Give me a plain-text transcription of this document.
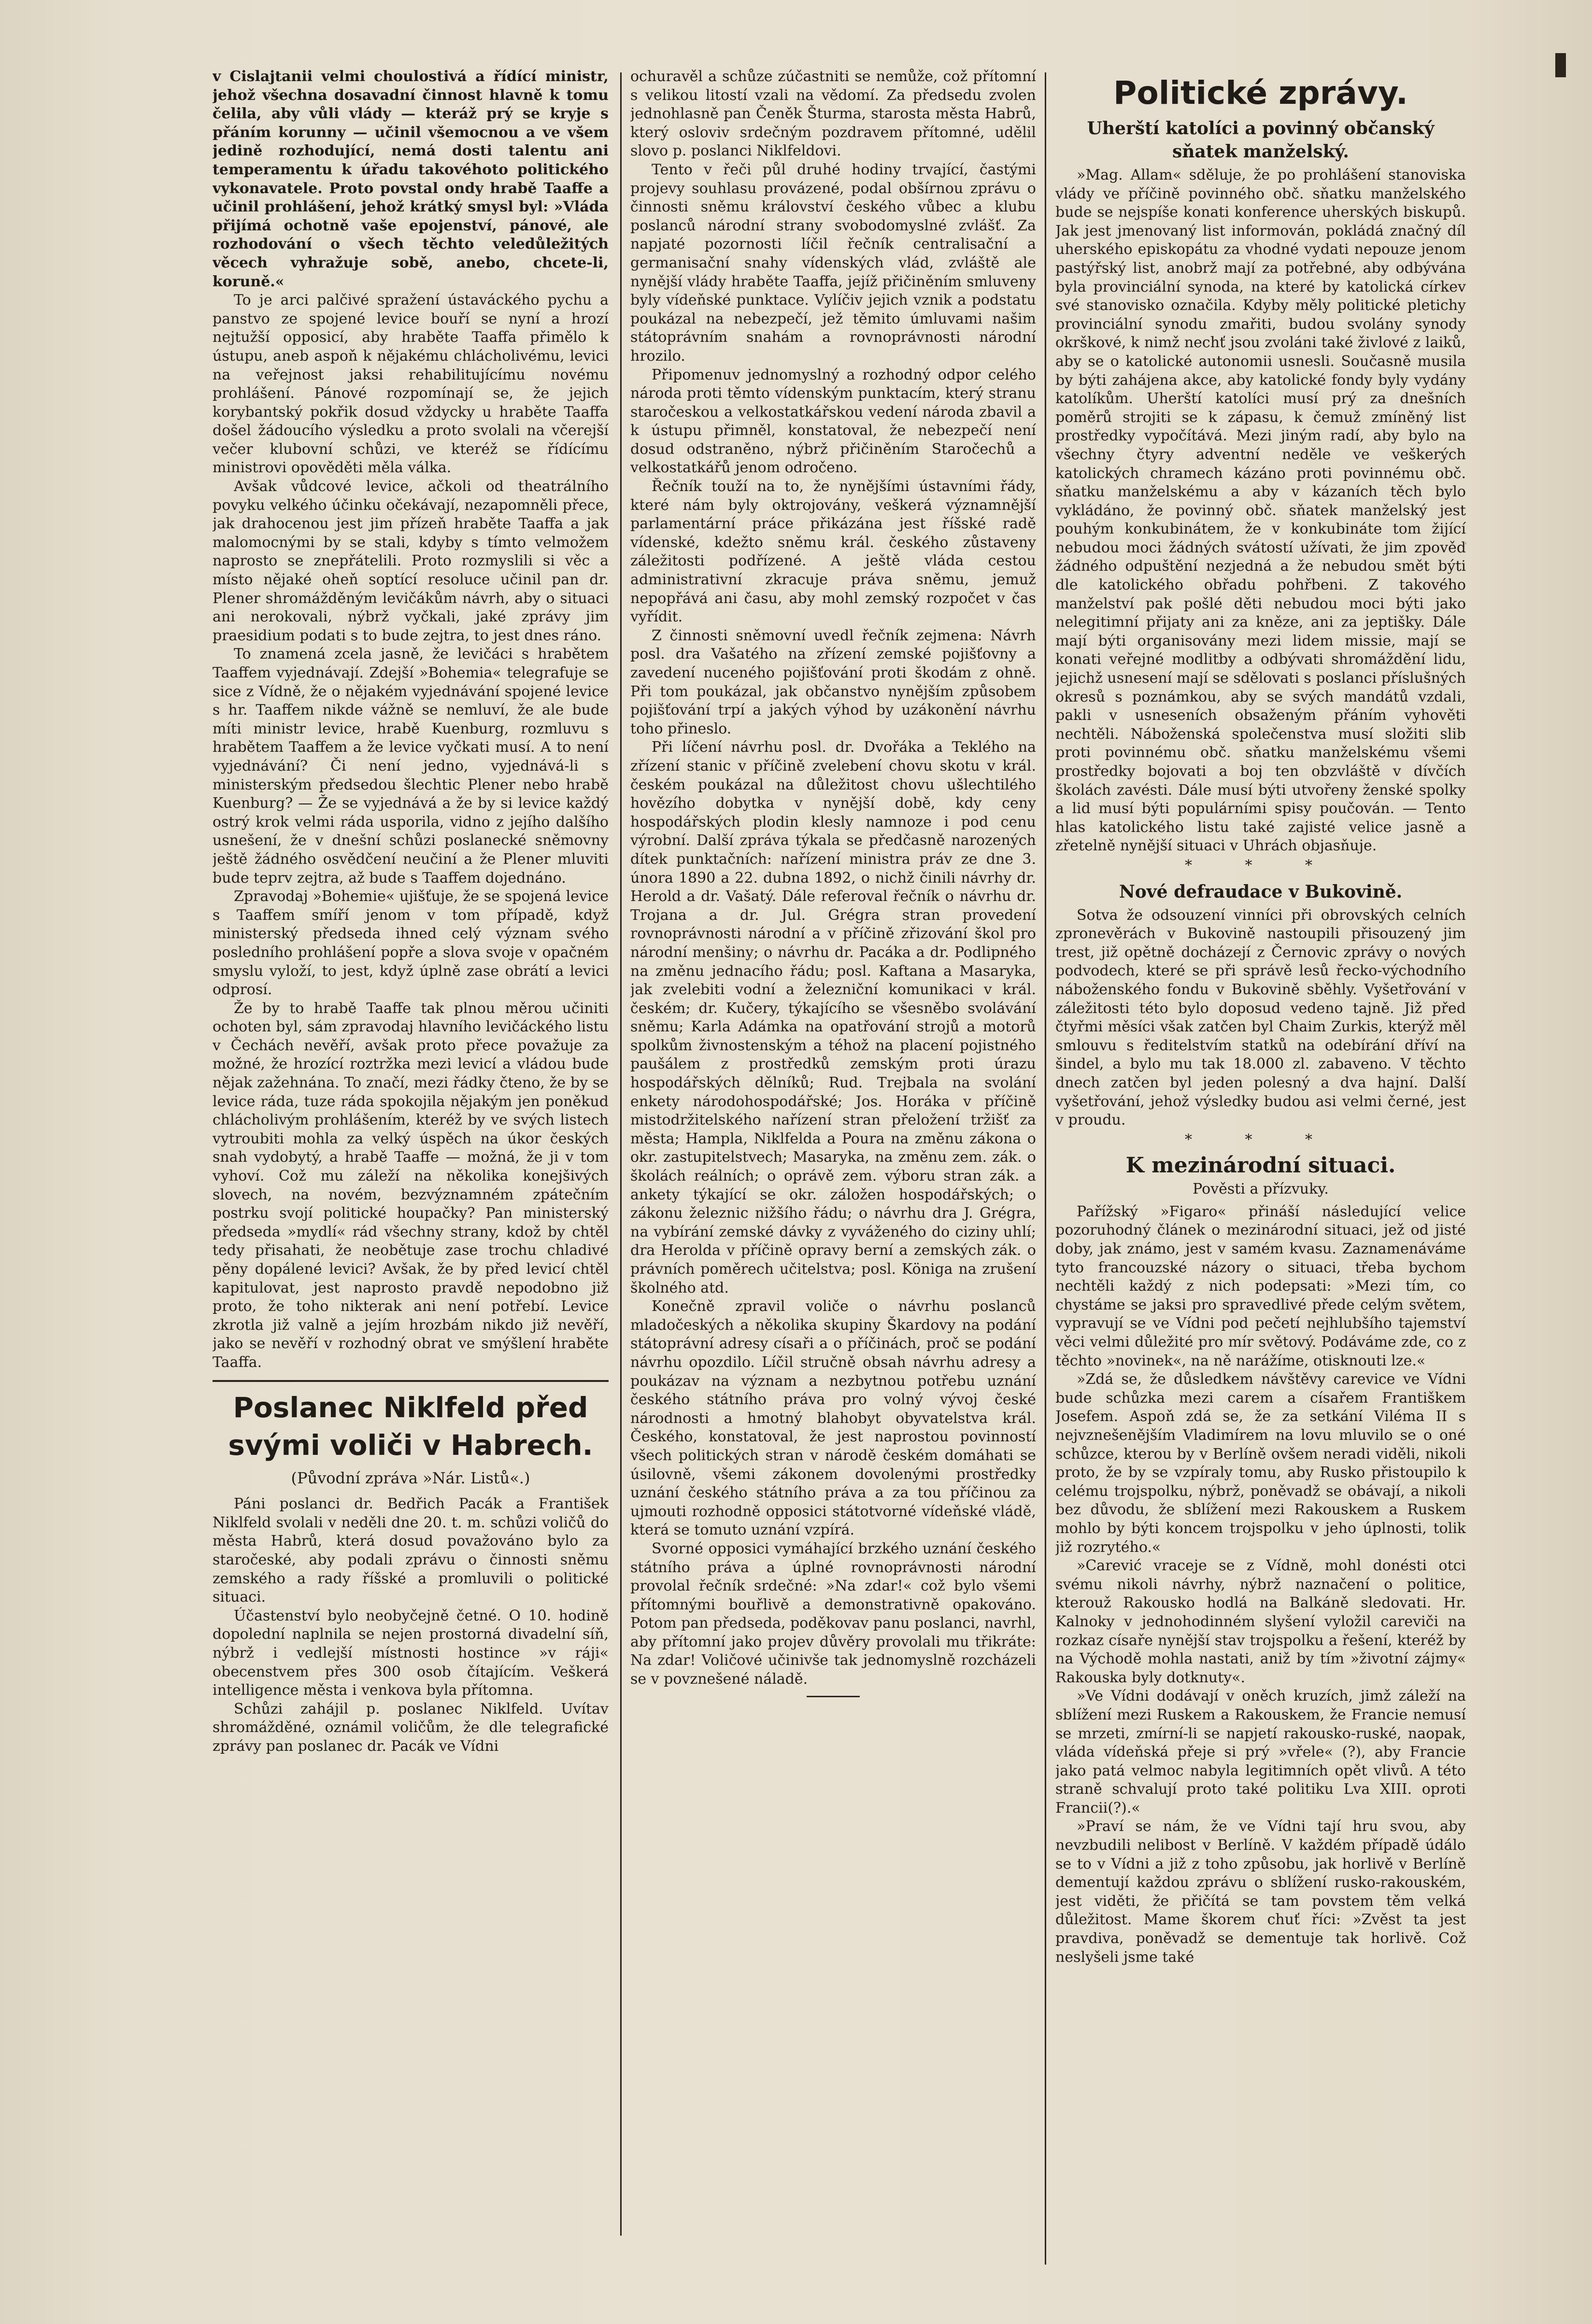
v Cislajtanii velmi choulostivá a řídící ministr, jehož všechna dosavadní činnost hlavně k tomu čelila, aby vůli vlády — kteráž prý se kryje s přáním korunny — učinil všemocnou a ve všem jedině rozhodující, nemá dosti talentu ani temperamentu k úřadu takovéhoto politického vykonavatele. Proto povstal ondy hrabě Taaffe a učinil prohlášení, jehož krátký smysl byl: »Vláda přijímá ochotně vaše epojenství, pánové, ale rozhodování o všech těchto veledůležitých věcech vyhražuje sobě, anebo, chcete-li, koruně.«

To je arci palčivé spražení ústaváckého pychu a panstvo ze spojené levice bouří se nyní a hrozí nejtužší opposicí, aby hraběte Taaffa přimělo k ústupu, aneb aspoň k nějakému chlácholivému, levici na veřejnost jaksi rehabilitujícímu novému prohlášení. Pánové rozpomínají se, že jejich korybantský pokřik dosud vždycky u hraběte Taaffa došel žádoucího výsledku a proto svolali na včerejší večer klubovní schůzi, ve kteréž se řídícímu ministrovi opověděti měla válka.

Avšak vůdcové levice, ačkoli od theatrálního povyku velkého účinku očekávají, nezapomněli přece, jak drahocenou jest jim přízeň hraběte Taaffa a jak malomocnými by se stali, kdyby s tímto velmožem naprosto se znepřátelili. Proto rozmyslili si věc a místo nějaké oheň soptící resoluce učinil pan dr. Plener shromážděným levičákům návrh, aby o situaci ani nerokovali, nýbrž vyčkali, jaké zprávy jim praesidium podati s to bude zejtra, to jest dnes ráno.

To znamená zcela jasně, že levičáci s hrabětem Taaffem vyjednávají. Zdejší »Bohemia« telegrafuje se sice z Vídně, že o nějakém vyjednávání spojené levice s hr. Taaffem nikde vážně se nemluví, že ale bude míti ministr levice, hrabě Kuenburg, rozmluvu s hrabětem Taaffem a že levice vyčkati musí. A to není vyjednávání? Či není jedno, vyjednává-li s ministerským předsedou šlechtic Plener nebo hrabě Kuenburg? — Že se vyjednává a že by si levice každý ostrý krok velmi ráda usporila, vidno z jejího dalšího usnešení, že v dnešní schůzi poslanecké sněmovny ještě žádného osvědčení neučiní a že Plener mluviti bude teprv zejtra, až bude s Taaffem dojednáno.

Zpravodaj »Bohemie« ujišťuje, že se spojená levice s Taaffem smíří jenom v tom případě, když ministerský předseda ihned celý význam svého posledního prohlášení popře a slova svoje v opačném smyslu vyloží, to jest, když úplně zase obrátí a levici odprosí.

Že by to hrabě Taaffe tak plnou měrou učiniti ochoten byl, sám zpravodaj hlavního levičáckého listu v Čechách nevěří, avšak proto přece považuje za možné, že hrozící roztržka mezi levicí a vládou bude nějak zažehnána. To značí, mezi řádky čteno, že by se levice ráda, tuze ráda spokojila nějakým jen poněkud chlácholivým prohlášením, kteréž by ve svých listech vytroubiti mohla za velký úspěch na úkor českých snah vydobytý, a hrabě Taaffe — možná, že ji v tom vyhoví. Což mu záleží na několika konejšivých slovech, na novém, bezvýznamném zpátečním postrku svojí politické houpačky? Pan ministerský předseda »mydlí« rád všechny strany, kdož by chtěl tedy přisahati, že neobětuje zase trochu chladivé pěny dopálené levici? Avšak, že by před levicí chtěl kapitulovat, jest naprosto pravdě nepodobno již proto, že toho nikterak ani není potřebí. Levice zkrotla již valně a jejím hrozbám nikdo již nevěří, jako se nevěří v rozhodný obrat ve smýšlení hraběte Taaffa.

Poslanec Niklfeld před svými voliči v Habrech.
(Původní zpráva »Nár. Listů«.)

Páni poslanci dr. Bedřich Pacák a František Niklfeld svolali v neděli dne 20. t. m. schůzi voličů do města Habrů, která dosud považováno bylo za staročeské, aby podali zprávu o činnosti sněmu zemského a rady říšské a promluvili o politické situaci.

Účastenství bylo neobyčejně četné. O 10. hodině dopolední naplnila se nejen prostorná divadelní síň, nýbrž i vedlejší místnosti hostince »v ráji« obecenstvem přes 300 osob čítajícím. Veškerá intelligence města i venkova byla přítomna.

Schůzi zahájil p. poslanec Niklfeld. Uvítav shromážděné, oznámil voličům, že dle telegrafické zprávy pan poslanec dr. Pacák ve Vídni

ochuravěl a schůze zúčastniti se nemůže, což přítomní s velikou litostí vzali na vědomí. Za předsedu zvolen jednohlasně pan Čeněk Šturma, starosta města Habrů, který osloviv srdečným pozdravem přítomné, udělil slovo p. poslanci Niklfeldovi.

Tento v řeči půl druhé hodiny trvající, častými projevy souhlasu provázené, podal obšírnou zprávu o činnosti sněmu království českého vůbec a klubu poslanců národní strany svobodomyslné zvlášť. Za napjaté pozornosti líčil řečník centralisační a germanisační snahy vídenských vlád, zvláště ale nynější vlády hraběte Taaffa, jejíž přičiněním smluveny byly vídeňské punktace. Vylíčiv jejich vznik a podstatu poukázal na nebezpečí, jež těmito úmluvami našim státoprávním snahám a rovnoprávnosti národní hrozilo.

Připomenuv jednomyslný a rozhodný odpor celého národa proti těmto vídenským punktacím, který stranu staročeskou a velkostatkářskou vedení národa zbavil a k ústupu přimněl, konstatoval, že nebezpečí není dosud odstraněno, nýbrž přičiněním Staročechů a velkostatkářů jenom odročeno.

Řečník touží na to, že nynějšími ústavními řády, které nám byly oktrojovány, veškerá významnější parlamentární práce přikázána jest říšské radě vídenské, kdežto sněmu král. českého zůstaveny záležitosti podřízené. A ještě vláda cestou administrativní zkracuje práva sněmu, jemuž nepopřává ani času, aby mohl zemský rozpočet v čas vyřídit.

Z činnosti sněmovní uvedl řečník zejmena: Návrh posl. dra Vašatého na zřízení zemské pojišťovny a zavedení nuceného pojišťování proti škodám z ohně. Při tom poukázal, jak občanstvo nynějším způsobem pojišťování trpí a jakých výhod by uzákonění návrhu toho přineslo.

Při líčení návrhu posl. dr. Dvořáka a Teklého na zřízení stanic v příčině zvelebení chovu skotu v král. českém poukázal na důležitost chovu ušlechtilého hovězího dobytka v nynější době, kdy ceny hospodářských plodin klesly namnoze i pod cenu výrobní. Další zpráva týkala se předčasně narozených dítek punktačních: nařízení ministra práv ze dne 3. února 1890 a 22. dubna 1892, o nichž činili návrhy dr. Herold a dr. Vašatý. Dále referoval řečník o návrhu dr. Trojana a dr. Jul. Grégra stran provedení rovnoprávnosti národní a v příčině zřizování škol pro národní menšiny; o návrhu dr. Pacáka a dr. Podlipného na změnu jednacího řádu; posl. Kaftana a Masaryka, jak zvelebiti vodní a železniční komunikaci v král. českém; dr. Kučery, týkajícího se všesněbo svolávání sněmu; Karla Adámka na opatřování strojů a motorů spolkům živnostenským a téhož na placení pojistného paušálem z prostředků zemským proti úrazu hospodářských dělníků; Rud. Trejbala na svolání enkety národohospodářské; Jos. Horáka v příčině mistodržitelského nařízení stran přeložení tržišť za města; Hampla, Niklfelda a Poura na změnu zákona o okr. zastupitelstvech; Masaryka, na změnu zem. zák. o školách reálních; o oprávě zem. výboru stran zák. a ankety týkající se okr. záložen hospodářských; o zákonu železnic nižšího řádu; o návrhu dra J. Grégra, na vybírání zemské dávky z vyváženého do ciziny uhlí; dra Herolda v příčině opravy berní a zemských zák. o právních poměrech učitelstva; posl. Königa na zrušení školného atd.

Konečně zpravil voliče o návrhu poslanců mladočeských a několika skupiny Škardovy na podání státoprávní adresy císaři a o příčinách, proč se podání návrhu opozdilo. Líčil stručně obsah návrhu adresy a poukázav na význam a nezbytnou potřebu uznání českého státního práva pro volný vývoj české národnosti a hmotný blahobyt obyvatelstva král. Českého, konstatoval, že jest naprostou povinností všech politických stran v národě českém domáhati se úsilovně, všemi zákonem dovolenými prostředky uznání českého státního práva a za tou příčinou za ujmouti rozhodně opposici státotvorné vídeňské vládě, která se tomuto uznání vzpírá.

Svorné opposici vymáhající brzkého uznání českého státního práva a úplné rovnoprávnosti národní provolal řečník srdečné: »Na zdar!« což bylo všemi přítomnými bouřlivě a demonstrativně opakováno. Potom pan předseda, poděkovav panu poslanci, navrhl, aby přítomní jako projev důvěry provolali mu třikráte: Na zdar! Voličové učinivše tak jednomyslně rozcházeli se v povznešené náladě.

Politické zprávy.
Uherští katolíci a povinný občanský sňatek manželský.

»Mag. Allam« sděluje, že po prohlášení stanoviska vlády ve příčině povinného obč. sňatku manželského bude se nejspíše konati konference uherských biskupů. Jak jest jmenovaný list informován, pokládá značný díl uherského episkopátu za vhodné vydati nepouze jenom pastýřský list, anobrž mají za potřebné, aby odbývána byla provinciální synoda, na které by katolická církev své stanovisko označila. Kdyby měly politické pletichy provinciální synodu zmařiti, budou svolány synody okrškové, k nimž nechť jsou zvoláni také živlové z laiků, aby se o katolické autonomii usnesli. Současně musila by býti zahájena akce, aby katolické fondy byly vydány katolíkům. Uherští katolíci musí prý za dnešních poměrů strojiti se k zápasu, k čemuž zmíněný list prostředky vypočítává. Mezi jiným radí, aby bylo na všechny čtyry adventní neděle ve veškerých katolických chramech kázáno proti povinnému obč. sňatku manželskému a aby v kázaních těch bylo vykládáno, že povinný obč. sňatek manželský jest pouhým konkubinátem, že v konkubináte tom žijící nebudou moci žádných svátostí užívati, že jim zpověď žádného odpuštění nezjedná a že nebudou smět býti dle katolického obřadu pohřbeni. Z takového manželství pak pošlé děti nebudou moci býti jako nelegitimní přijaty ani za kněze, ani za jeptišky. Dále mají býti organisovány mezi lidem missie, mají se konati veřejné modlitby a odbývati shromáždění lidu, jejichž usnesení mají se sdělovati s poslanci příslušných okresů s poznámkou, aby se svých mandátů vzdali, pakli v usneseních obsaženým přáním vyhověti nechtěli. Náboženská společenstva musí složiti slib proti povinnému obč. sňatku manželskému všemi prostředky bojovati a boj ten obzvláště v dívčích školách zavésti. Dále musí býti utvořeny ženské spolky a lid musí býti populárními spisy poučován. — Tento hlas katolického listu také zajisté velice jasně a zřetelně nynější situaci v Uhrách objasňuje.

* * *
Nové defraudace v Bukovině.

Sotva že odsouzení vinníci při obrovských celních zpronevěrách v Bukovině nastoupili přisouzený jim trest, již opětně docházejí z Černovic zprávy o nových podvodech, které se při správě lesů řecko-východního náboženského fondu v Bukovině sběhly. Vyšetřování v záležitosti této bylo doposud vedeno tajně. Již před čtyřmi měsíci však zatčen byl Chaim Zurkis, kterýž měl smlouvu s ředitelstvím statků na odebírání dříví na šindel, a bylo mu tak 18.000 zl. zabaveno. V těchto dnech zatčen byl jeden polesný a dva hajní. Další vyšetřování, jehož výsledky budou asi velmi černé, jest v proudu.

* * *
K mezinárodní situaci.
Pověsti a přízvuky.

Pařížský »Figaro« přináší následující velice pozoruhodný článek o mezinárodní situaci, jež od jisté doby, jak známo, jest v samém kvasu. Zaznamenáváme tyto francouzské názory o situaci, třeba bychom nechtěli každý z nich podepsati: »Mezi tím, co chystáme se jaksi pro spravedlivé přede celým světem, vypravují se ve Vídni pod pečetí nejhlubšího tajemství věci velmi důležité pro mír světový. Podáváme zde, co z těchto »novinek«, na ně narážíme, otisknouti lze.«

»Zdá se, že důsledkem návštěvy carevice ve Vídni bude schůzka mezi carem a císařem Františkem Josefem. Aspoň zdá se, že za setkání Viléma II s nejvznešenějším Vladimírem na lovu mluvilo se o oné schůzce, kterou by v Berlíně ovšem neradi viděli, nikoli proto, že by se vzpíraly tomu, aby Rusko přistoupilo k celému trojspolku, nýbrž, poněvadž se obávají, a nikoli bez důvodu, že sblížení mezi Rakouskem a Ruskem mohlo by býti koncem trojspolku v jeho úplnosti, tolik již rozrytého.«

»Carević vraceje se z Vídně, mohl donésti otci svému nikoli návrhy, nýbrž naznačení o politice, kterouž Rakousko hodlá na Balkáně sledovati. Hr. Kalnoky v jednohodinném slyšení vyložil careviči na rozkaz císaře nynější stav trojspolku a řešení, kteréž by na Východě mohla nastati, aniž by tím »životní zájmy« Rakouska byly dotknuty«.

»Ve Vídni dodávají v oněch kruzích, jimž záleží na sblížení mezi Ruskem a Rakouskem, že Francie nemusí se mrzeti, zmírní-li se napjetí rakousko-ruské, naopak, vláda vídeňská přeje si prý »vřele« (?), aby Francie jako patá velmoc nabyla legitimních opět vlivů. A této straně schvalují proto také politiku Lva XIII. oproti Francii(?).«

»Praví se nám, že ve Vídni tají hru svou, aby nevzbudili nelibost v Berlíně. V každém případě údálo se to v Vídni a již z toho způsobu, jak horlivě v Berlíně dementují každou zprávu o sblížení rusko-rakouském, jest viděti, že přičítá se tam povstem těm velká důležitost. Mame škorem chuť říci: »Zvěst ta jest pravdiva, poněvadž se dementuje tak horlivě. Což neslyšeli jsme také
